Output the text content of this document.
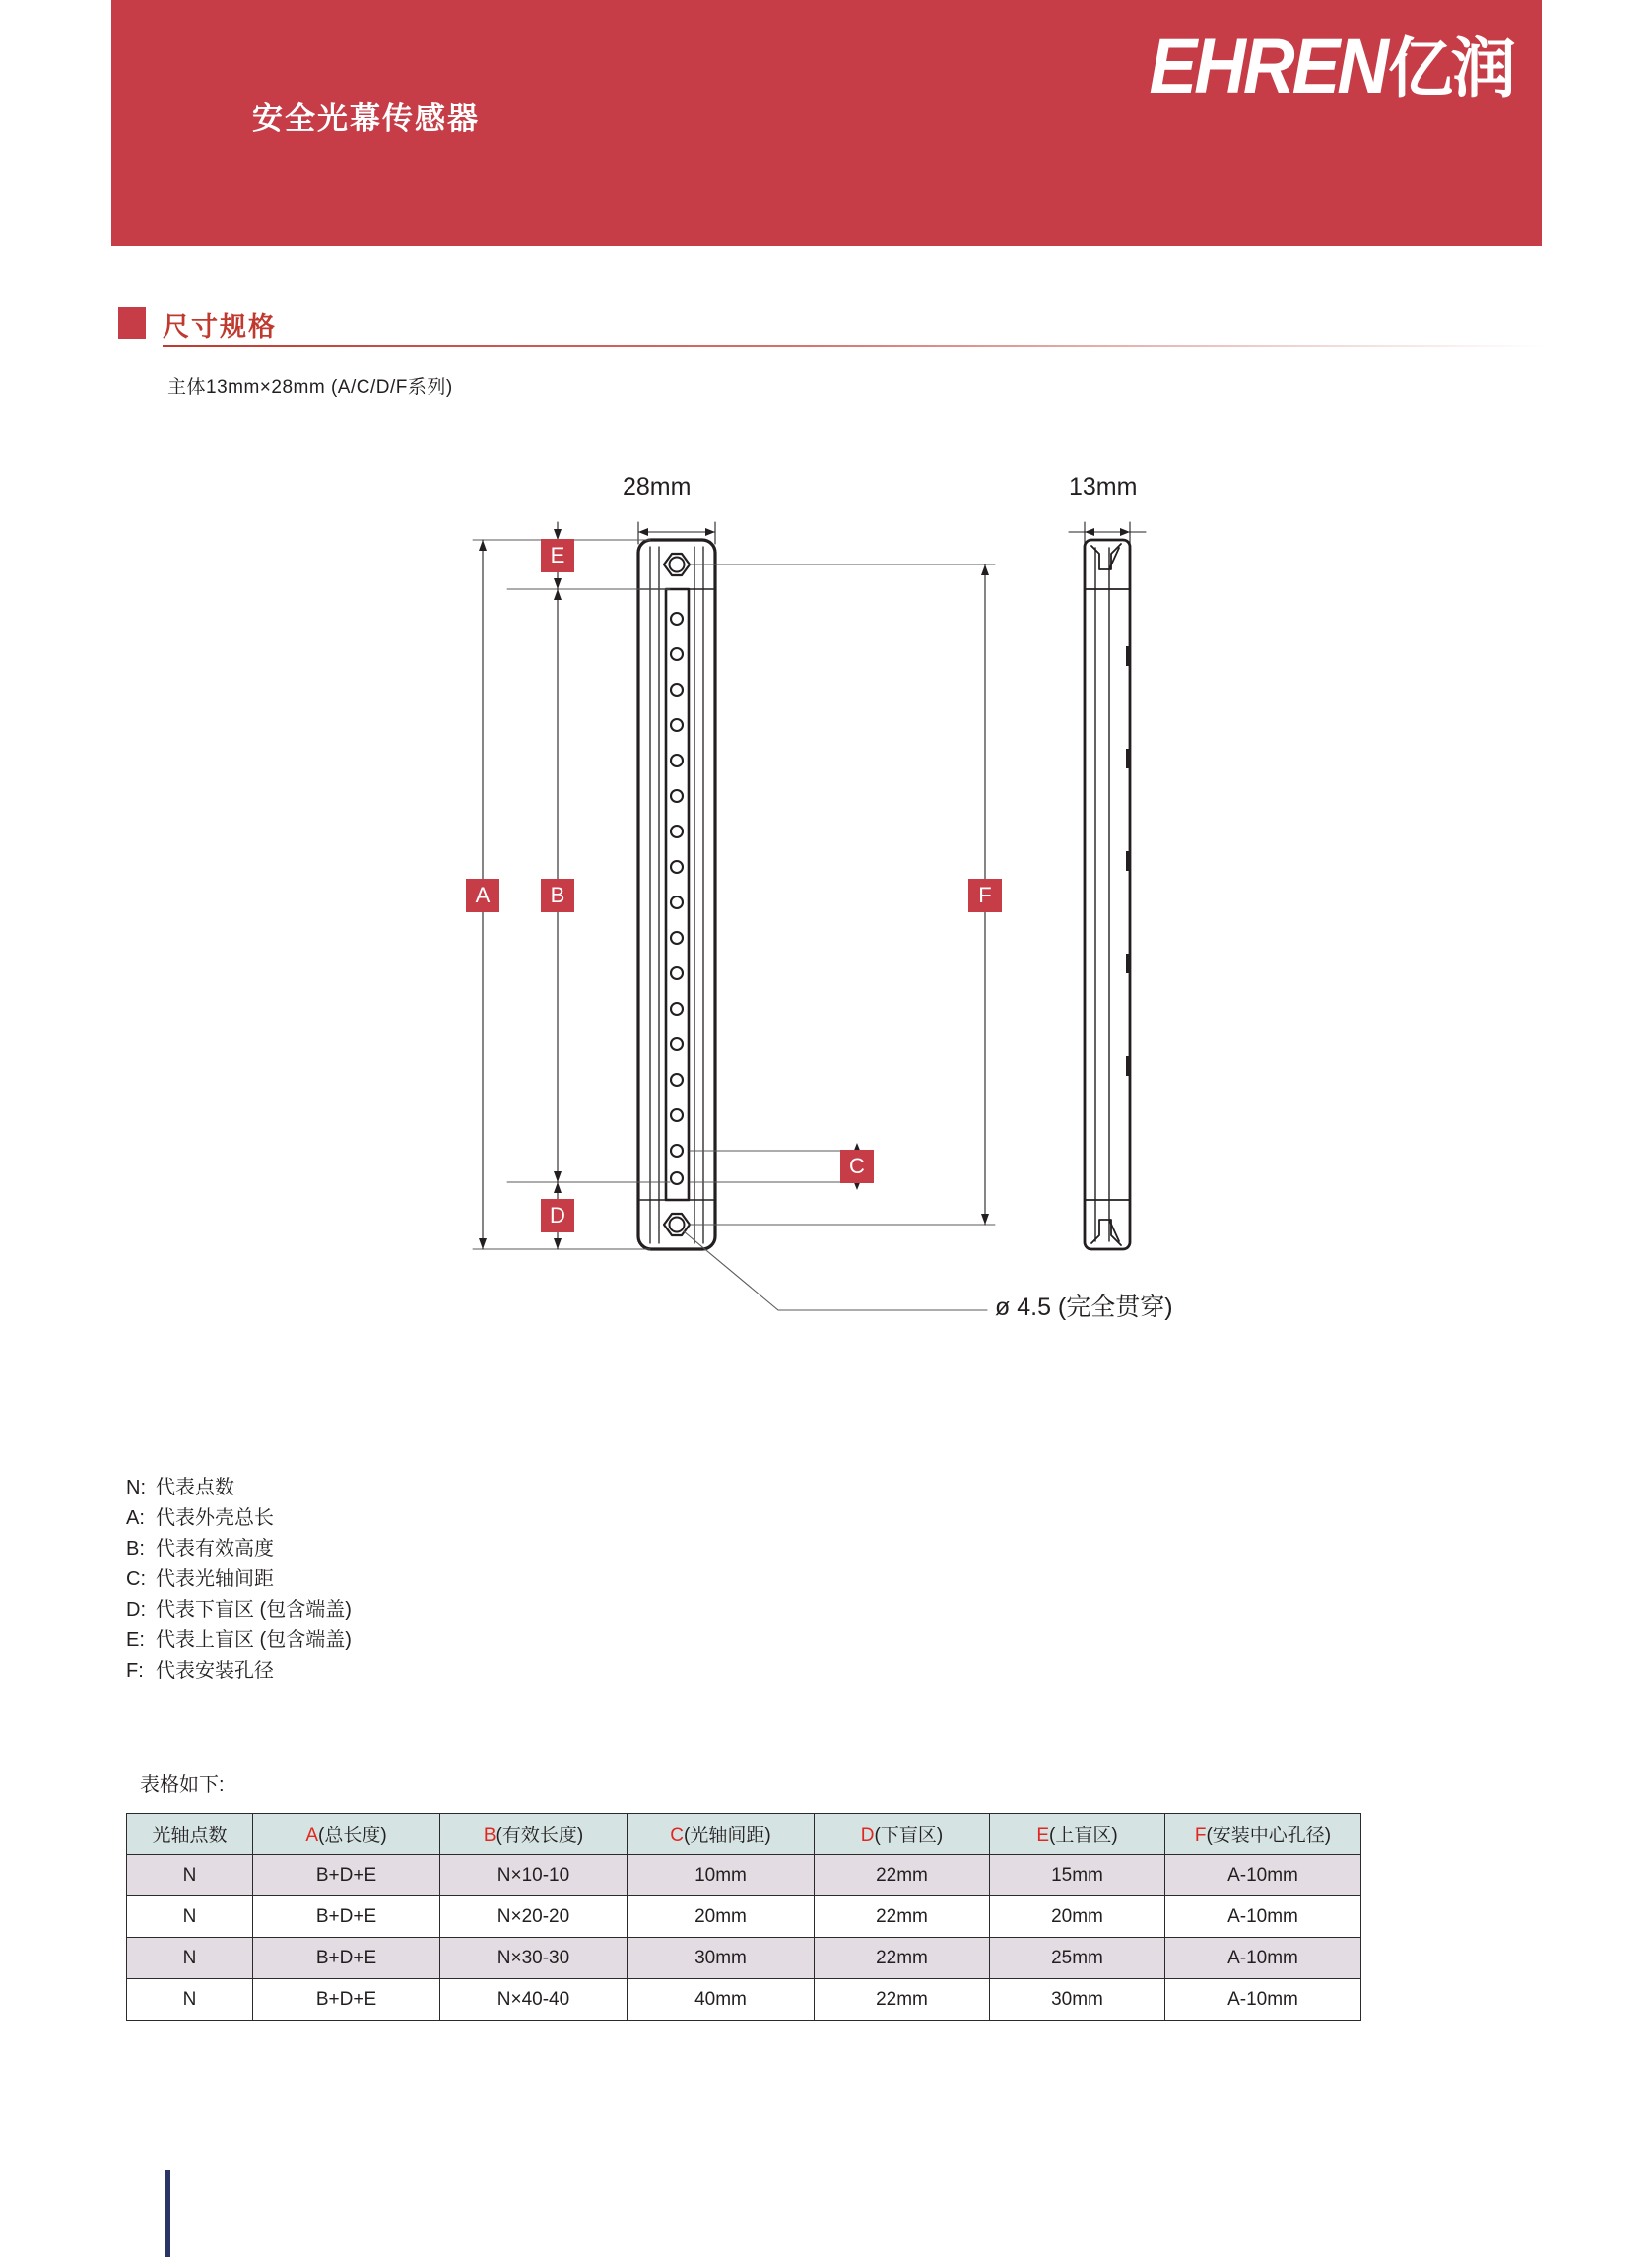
安全光幕传感器
EHREN 亿润
尺寸规格
主体13mm×28mm (A/C/D/F系列)
28mm	13mm
ø 4.5 (完全贯穿)
A	B
C
D
E
F
N: 代表点数
A: 代表外壳总长
B: 代表有效高度
C: 代表光轴间距
D: 代表下盲区 (包含端盖)
E: 代表上盲区 (包含端盖)
F: 代表安装孔径
表格如下:
光轴点数	A(总长度)	B(有效长度)	C(光轴间距)	D(下盲区)	E(上盲区)	F(安装中心孔径)
N	B+D+E	N×10-10	10mm	22mm	15mm	A-10mm
N	B+D+E	N×20-20	20mm	22mm	20mm	A-10mm
N	B+D+E	N×30-30	30mm	22mm	25mm	A-10mm
N	B+D+E	N×40-40	40mm	22mm	30mm	A-10mm
